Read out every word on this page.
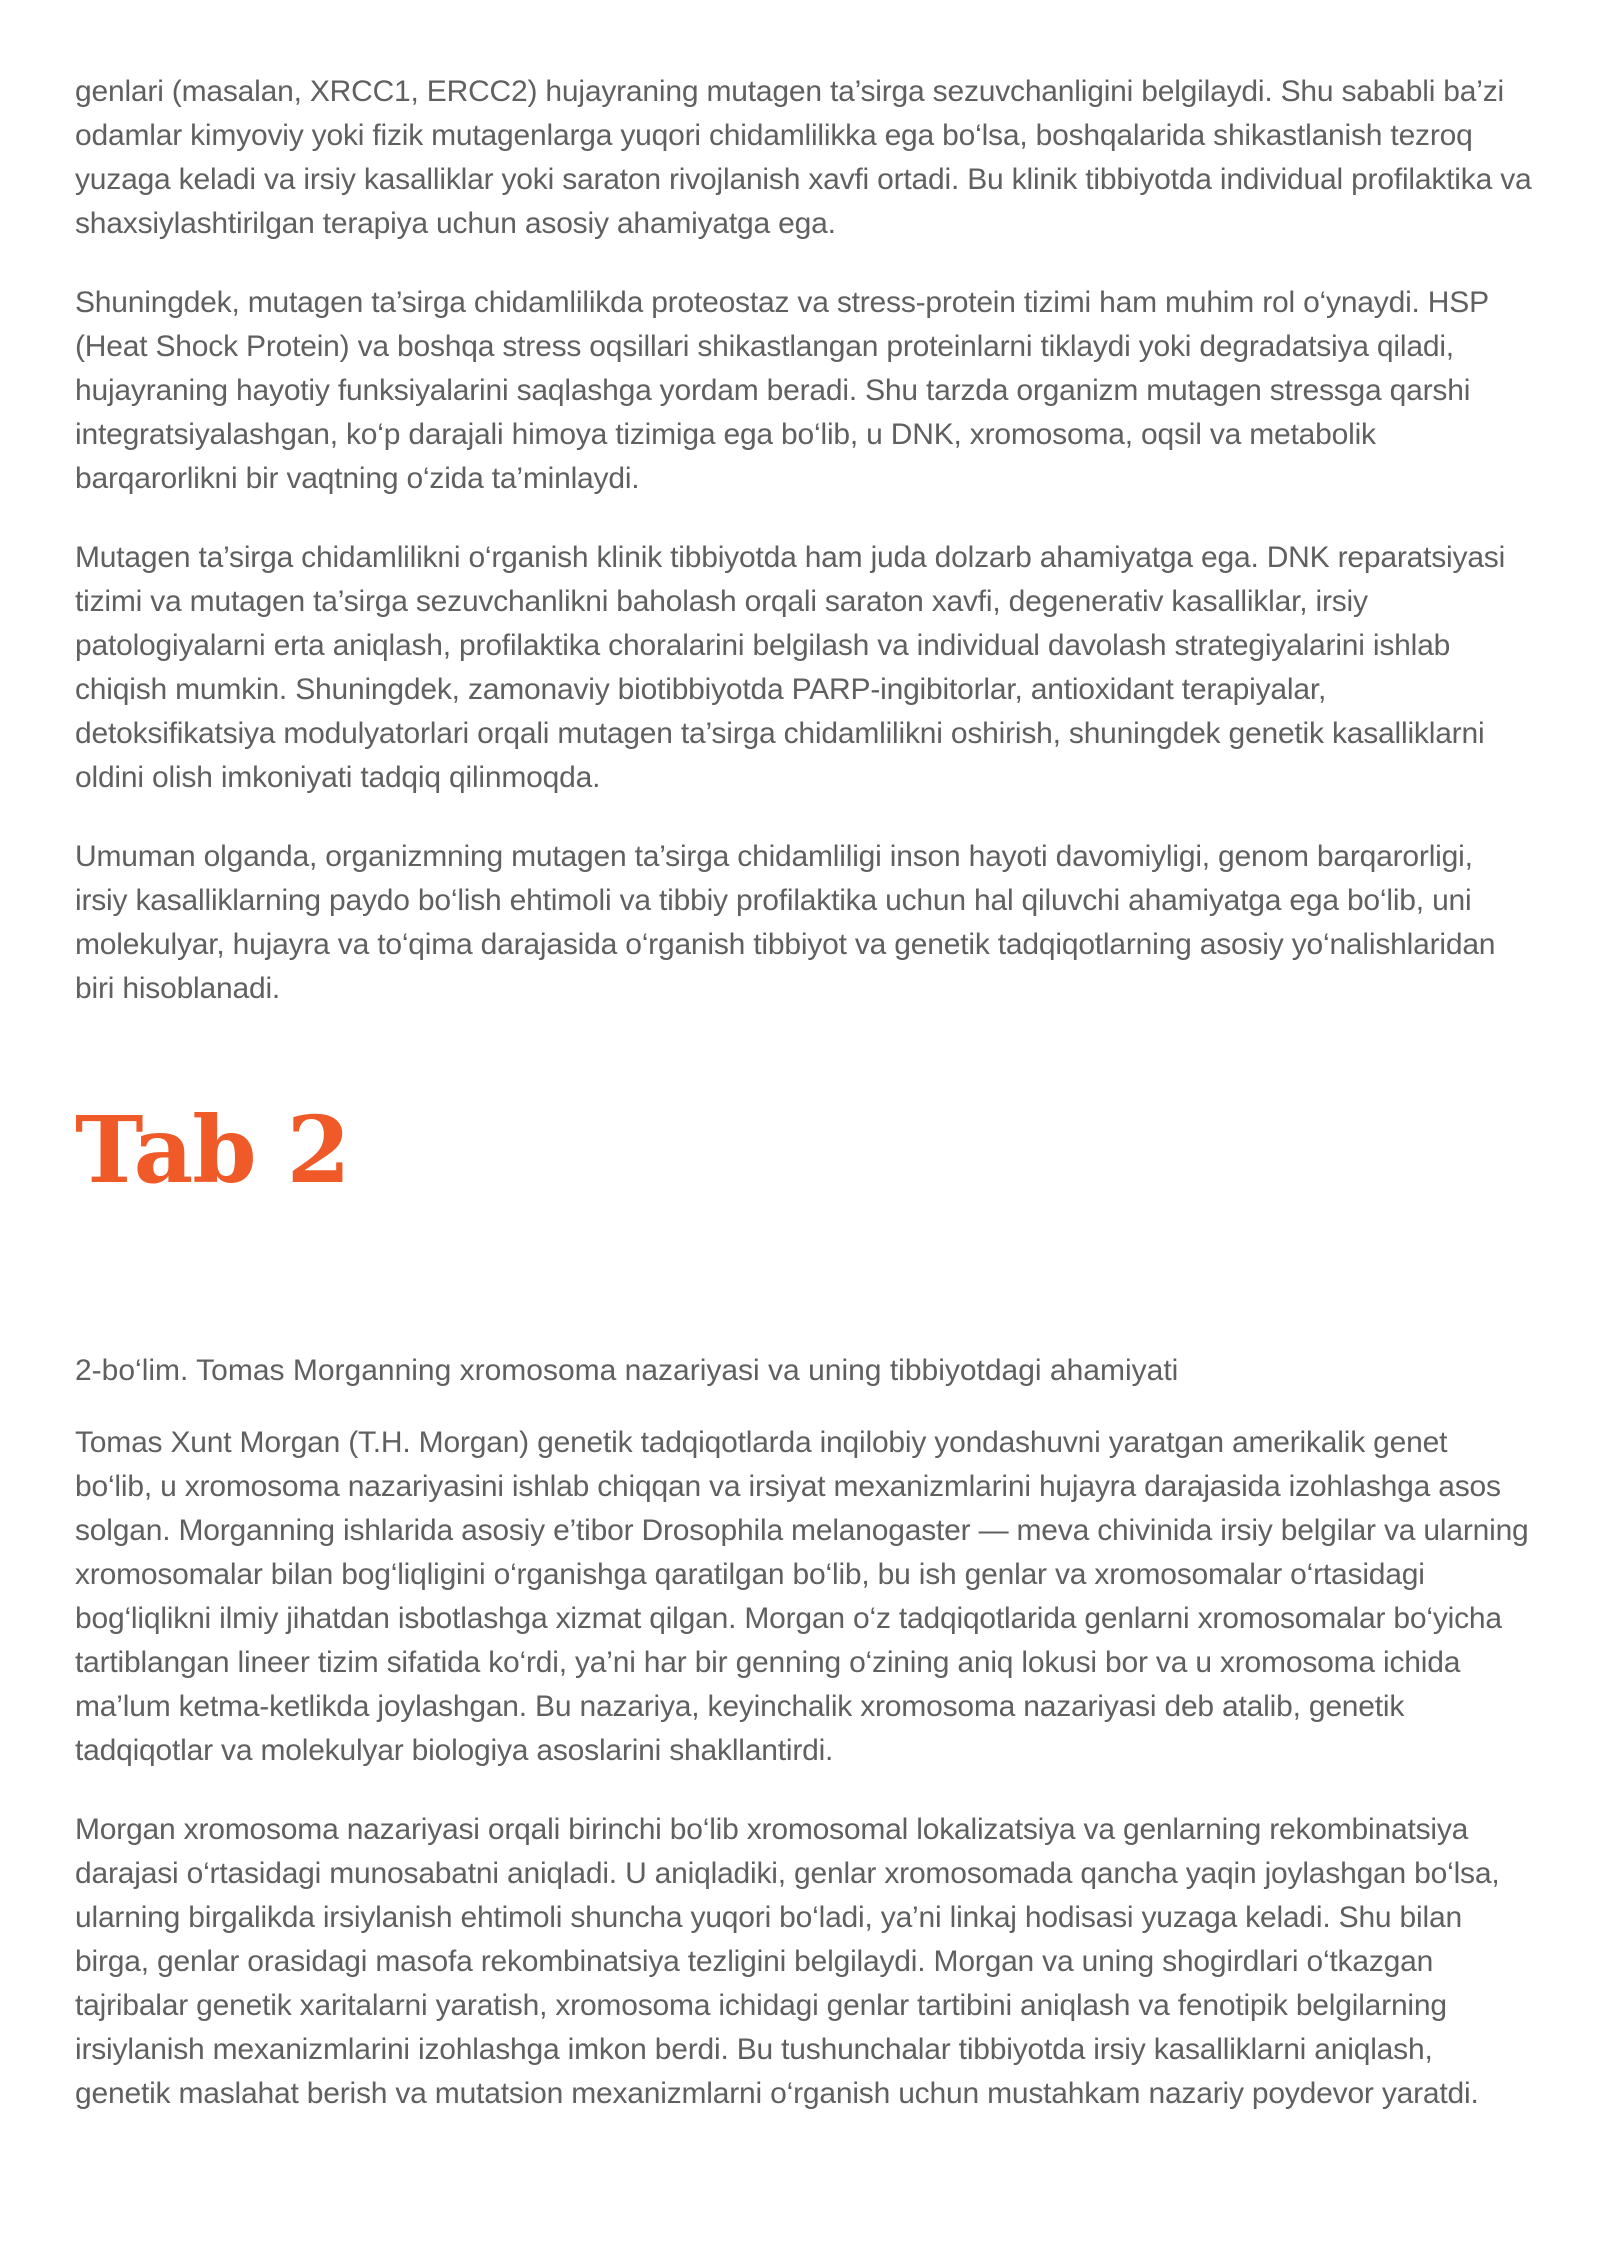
genlari (masalan, XRCC1, ERCC2) hujayraning mutagen ta’sirga sezuvchanligini belgilaydi. Shu sababli ba’zi odamlar kimyoviy yoki fizik mutagenlarga yuqori chidamlilikka ega bo‘lsa, boshqalarida shikastlanish tezroq yuzaga keladi va irsiy kasalliklar yoki saraton rivojlanish xavfi ortadi. Bu klinik tibbiyotda individual profilaktika va shaxsiylashtirilgan terapiya uchun asosiy ahamiyatga ega.

Shuningdek, mutagen ta’sirga chidamlilikda proteostaz va stress-protein tizimi ham muhim rol o‘ynaydi. HSP (Heat Shock Protein) va boshqa stress oqsillari shikastlangan proteinlarni tiklaydi yoki degradatsiya qiladi, hujayraning hayotiy funksiyalarini saqlashga yordam beradi. Shu tarzda organizm mutagen stressga qarshi integratsiyalashgan, ko‘p darajali himoya tizimiga ega bo‘lib, u DNK, xromosoma, oqsil va metabolik barqarorlikni bir vaqtning o‘zida ta’minlaydi.

Mutagen ta’sirga chidamlilikni o‘rganish klinik tibbiyotda ham juda dolzarb ahamiyatga ega. DNK reparatsiyasi tizimi va mutagen ta’sirga sezuvchanlikni baholash orqali saraton xavfi, degenerativ kasalliklar, irsiy patologiyalarni erta aniqlash, profilaktika choralarini belgilash va individual davolash strategiyalarini ishlab chiqish mumkin. Shuningdek, zamonaviy biotibbiyotda PARP-ingibitorlar, antioxidant terapiyalar, detoksifikatsiya modulyatorlari orqali mutagen ta’sirga chidamlilikni oshirish, shuningdek genetik kasalliklarni oldini olish imkoniyati tadqiq qilinmoqda.

Umuman olganda, organizmning mutagen ta’sirga chidamliligi inson hayoti davomiyligi, genom barqarorligi, irsiy kasalliklarning paydo bo‘lish ehtimoli va tibbiy profilaktika uchun hal qiluvchi ahamiyatga ega bo‘lib, uni molekulyar, hujayra va to‘qima darajasida o‘rganish tibbiyot va genetik tadqiqotlarning asosiy yo‘nalishlaridan biri hisoblanadi.

Tab 2

2-bo‘lim. Tomas Morganning xromosoma nazariyasi va uning tibbiyotdagi ahamiyati

Tomas Xunt Morgan (T.H. Morgan) genetik tadqiqotlarda inqilobiy yondashuvni yaratgan amerikalik genet bo‘lib, u xromosoma nazariyasini ishlab chiqqan va irsiyat mexanizmlarini hujayra darajasida izohlashga asos solgan. Morganning ishlarida asosiy e’tibor Drosophila melanogaster — meva chivinida irsiy belgilar va ularning xromosomalar bilan bog‘liqligini o‘rganishga qaratilgan bo‘lib, bu ish genlar va xromosomalar o‘rtasidagi bog‘liqlikni ilmiy jihatdan isbotlashga xizmat qilgan. Morgan o‘z tadqiqotlarida genlarni xromosomalar bo‘yicha tartiblangan lineer tizim sifatida ko‘rdi, ya’ni har bir genning o‘zining aniq lokusi bor va u xromosoma ichida ma’lum ketma-ketlikda joylashgan. Bu nazariya, keyinchalik xromosoma nazariyasi deb atalib, genetik tadqiqotlar va molekulyar biologiya asoslarini shakllantirdi.

Morgan xromosoma nazariyasi orqali birinchi bo‘lib xromosomal lokalizatsiya va genlarning rekombinatsiya darajasi o‘rtasidagi munosabatni aniqladi. U aniqladiki, genlar xromosomada qancha yaqin joylashgan bo‘lsa, ularning birgalikda irsiylanish ehtimoli shuncha yuqori bo‘ladi, ya’ni linkaj hodisasi yuzaga keladi. Shu bilan birga, genlar orasidagi masofa rekombinatsiya tezligini belgilaydi. Morgan va uning shogirdlari o‘tkazgan tajribalar genetik xaritalarni yaratish, xromosoma ichidagi genlar tartibini aniqlash va fenotipik belgilarning irsiylanish mexanizmlarini izohlashga imkon berdi. Bu tushunchalar tibbiyotda irsiy kasalliklarni aniqlash, genetik maslahat berish va mutatsion mexanizmlarni o‘rganish uchun mustahkam nazariy poydevor yaratdi.
